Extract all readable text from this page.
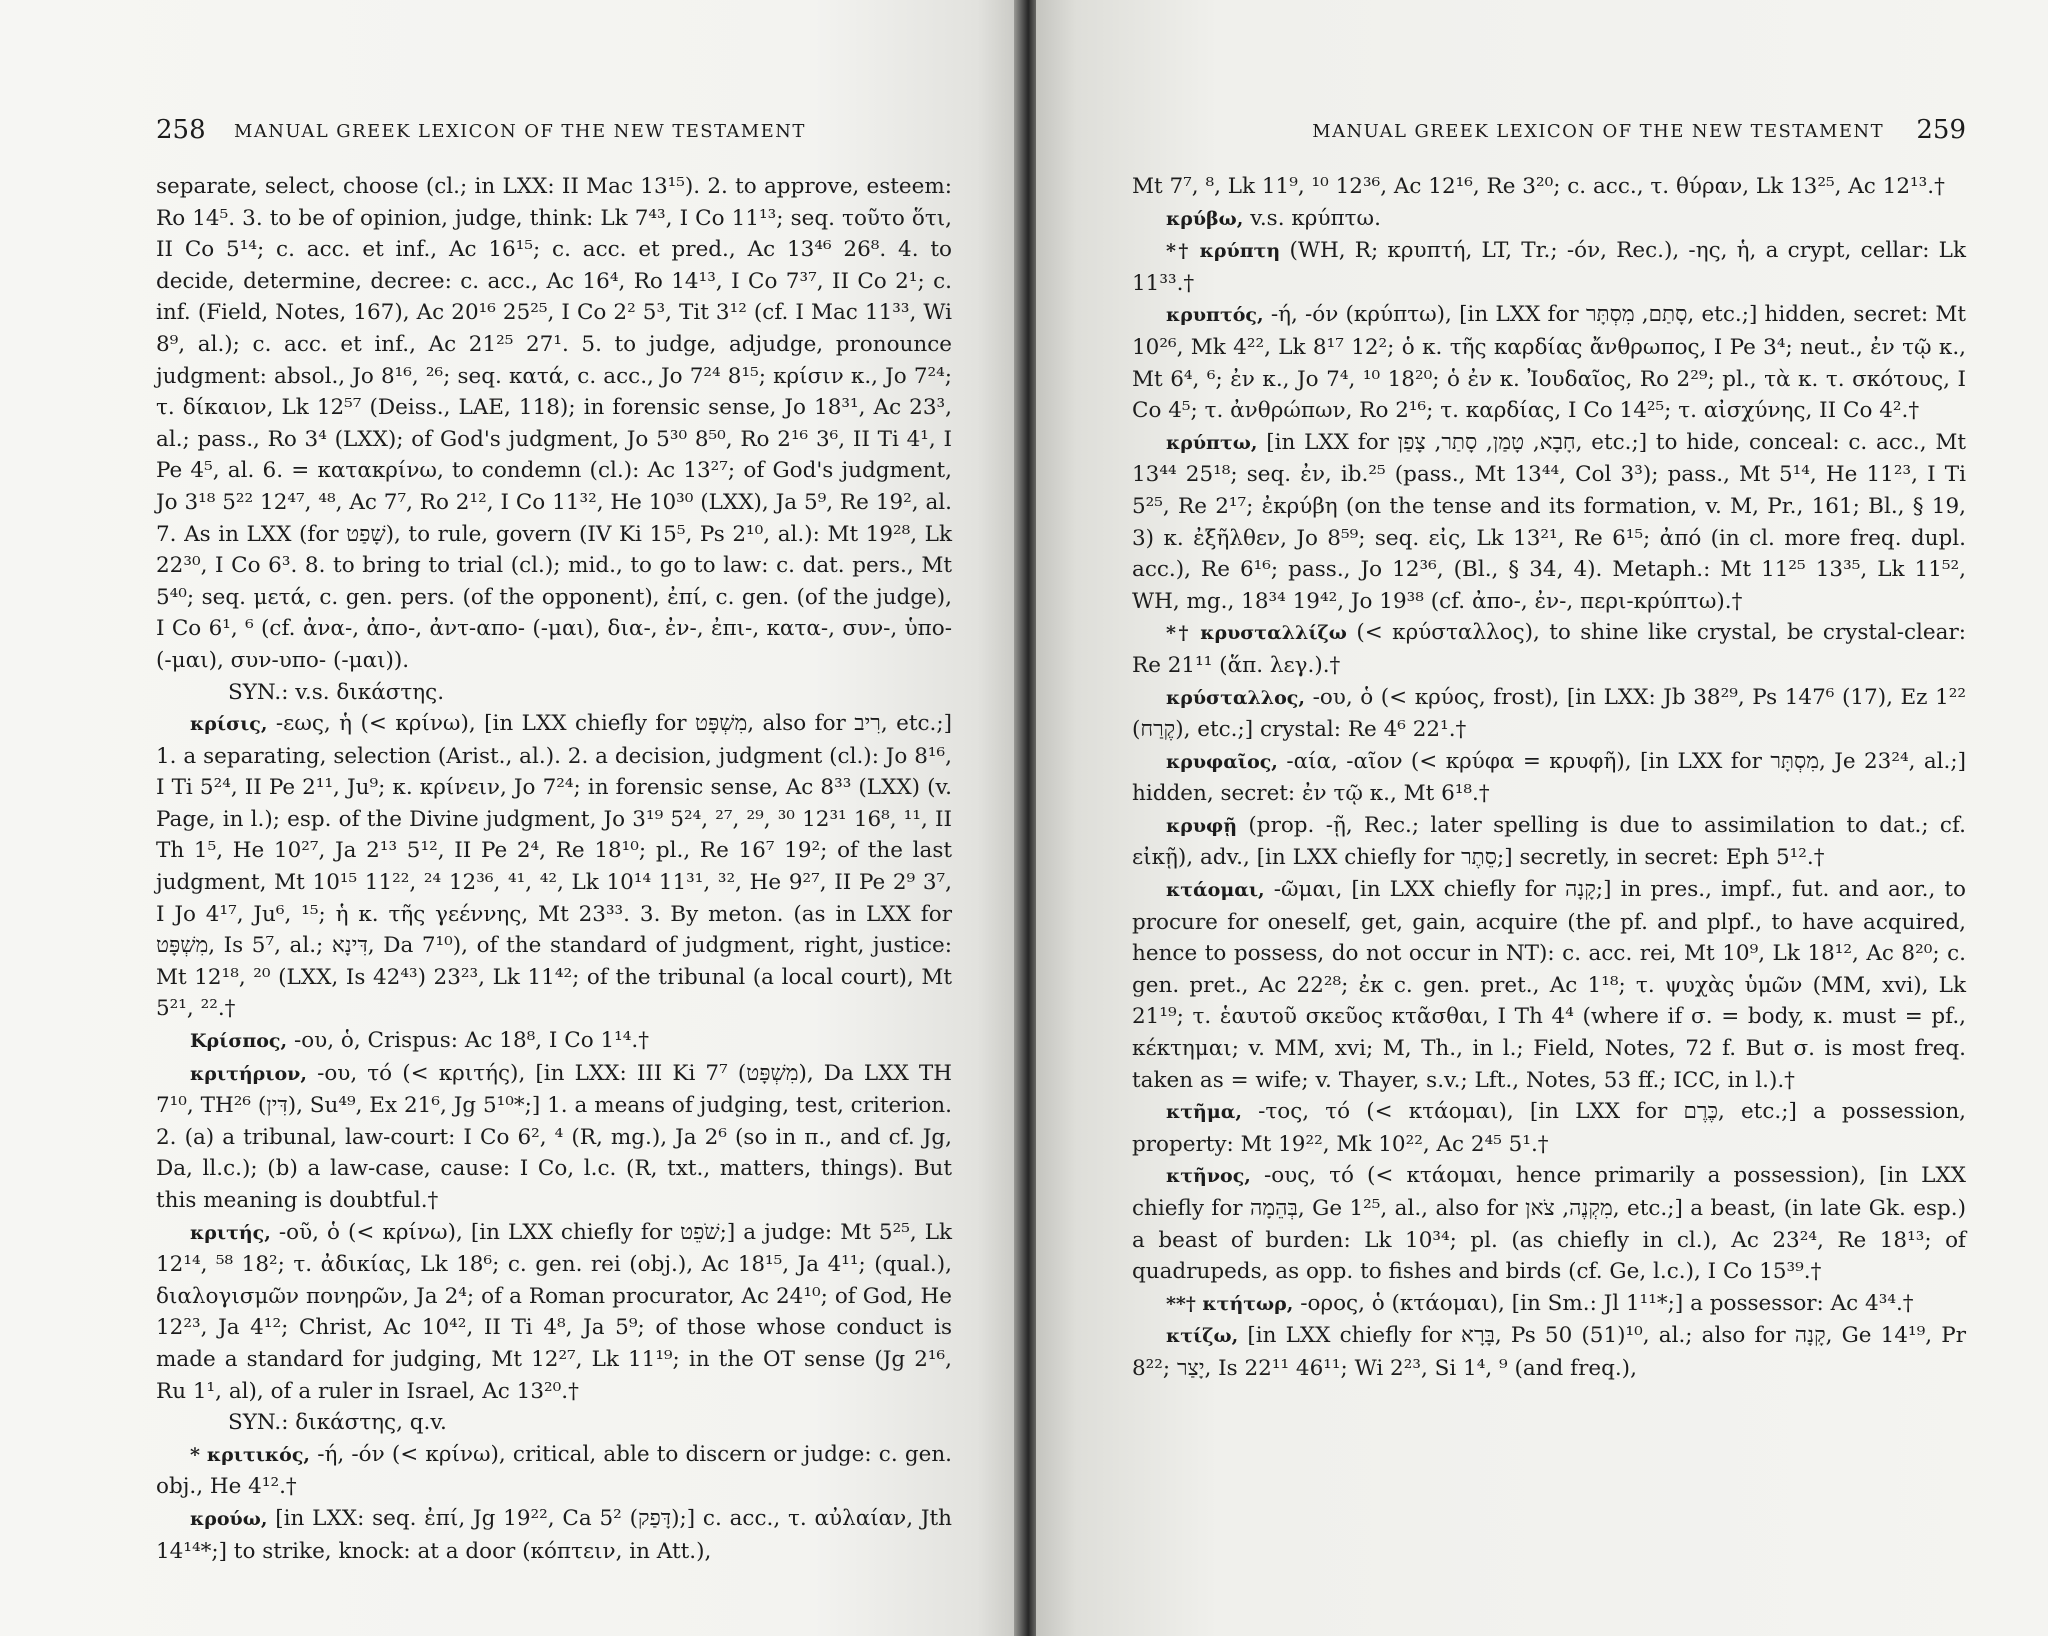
258 MANUAL GREEK LEXICON OF THE NEW TESTAMENT

separate, select, choose (cl.; in LXX: II Mac 13¹⁵). 2. to approve, esteem: Ro 14⁵. 3. to be of opinion, judge, think: Lk 7⁴³, I Co 11¹³; seq. τοῦτο ὅτι, II Co 5¹⁴; c. acc. et inf., Ac 16¹⁵; c. acc. et pred., Ac 13⁴⁶ 26⁸. 4. to decide, determine, decree: c. acc., Ac 16⁴, Ro 14¹³, I Co 7³⁷, II Co 2¹; c. inf. (Field, Notes, 167), Ac 20¹⁶ 25²⁵, I Co 2² 5³, Tit 3¹² (cf. I Mac 11³³, Wi 8⁹, al.); c. acc. et inf., Ac 21²⁵ 27¹. 5. to judge, adjudge, pronounce judgment: absol., Jo 8¹⁶, ²⁶; seq. κατά, c. acc., Jo 7²⁴ 8¹⁵; κρίσιν κ., Jo 7²⁴; τ. δίκαιον, Lk 12⁵⁷ (Deiss., LAE, 118); in forensic sense, Jo 18³¹, Ac 23³, al.; pass., Ro 3⁴ (LXX); of God's judgment, Jo 5³⁰ 8⁵⁰, Ro 2¹⁶ 3⁶, II Ti 4¹, I Pe 4⁵, al. 6. = κατακρίνω, to condemn (cl.): Ac 13²⁷; of God's judgment, Jo 3¹⁸ 5²² 12⁴⁷, ⁴⁸, Ac 7⁷, Ro 2¹², I Co 11³², He 10³⁰ (LXX), Ja 5⁹, Re 19², al. 7. As in LXX (for שָׁפַט), to rule, govern (IV Ki 15⁵, Ps 2¹⁰, al.): Mt 19²⁸, Lk 22³⁰, I Co 6³. 8. to bring to trial (cl.); mid., to go to law: c. dat. pers., Mt 5⁴⁰; seq. μετά, c. gen. pers. (of the opponent), ἐπί, c. gen. (of the judge), I Co 6¹, ⁶ (cf. ἀνα-, ἀπο-, ἀντ-απο- (-μαι), δια-, ἐν-, ἐπι-, κατα-, συν-, ὑπο- (-μαι), συν-υπο- (-μαι)).

SYN.: v.s. δικάστης.

κρίσις, -εως, ἡ (< κρίνω), [in LXX chiefly for מִשְׁפָּט, also for רִיב, etc.;] 1. a separating, selection (Arist., al.). 2. a decision, judgment (cl.): Jo 8¹⁶, I Ti 5²⁴, II Pe 2¹¹, Ju⁹; κ. κρίνειν, Jo 7²⁴; in forensic sense, Ac 8³³ (LXX) (v. Page, in l.); esp. of the Divine judgment, Jo 3¹⁹ 5²⁴, ²⁷, ²⁹, ³⁰ 12³¹ 16⁸, ¹¹, II Th 1⁵, He 10²⁷, Ja 2¹³ 5¹², II Pe 2⁴, Re 18¹⁰; pl., Re 16⁷ 19²; of the last judgment, Mt 10¹⁵ 11²², ²⁴ 12³⁶, ⁴¹, ⁴², Lk 10¹⁴ 11³¹, ³², He 9²⁷, II Pe 2⁹ 3⁷, I Jo 4¹⁷, Ju⁶, ¹⁵; ἡ κ. τῆς γεέννης, Mt 23³³. 3. By meton. (as in LXX for מִשְׁפָּט, Is 5⁷, al.; דִּינָא, Da 7¹⁰), of the standard of judgment, right, justice: Mt 12¹⁸, ²⁰ (LXX, Is 42⁴³) 23²³, Lk 11⁴²; of the tribunal (a local court), Mt 5²¹, ²².†

Κρίσπος, -ου, ὁ, Crispus: Ac 18⁸, I Co 1¹⁴.†

κριτήριον, -ου, τό (< κριτής), [in LXX: III Ki 7⁷ (מִשְׁפָּט), Da LXX TH 7¹⁰, TH²⁶ (דִּין), Su⁴⁹, Ex 21⁶, Jg 5¹⁰*;] 1. a means of judging, test, criterion. 2. (a) a tribunal, law-court: I Co 6², ⁴ (R, mg.), Ja 2⁶ (so in π., and cf. Jg, Da, ll.c.); (b) a law-case, cause: I Co, l.c. (R, txt., matters, things). But this meaning is doubtful.†

κριτής, -οῦ, ὁ (< κρίνω), [in LXX chiefly for שֹׁפֵט;] a judge: Mt 5²⁵, Lk 12¹⁴, ⁵⁸ 18²; τ. ἀδικίας, Lk 18⁶; c. gen. rei (obj.), Ac 18¹⁵, Ja 4¹¹; (qual.), διαλογισμῶν πονηρῶν, Ja 2⁴; of a Roman procurator, Ac 24¹⁰; of God, He 12²³, Ja 4¹²; Christ, Ac 10⁴², II Ti 4⁸, Ja 5⁹; of those whose conduct is made a standard for judging, Mt 12²⁷, Lk 11¹⁹; in the OT sense (Jg 2¹⁶, Ru 1¹, al), of a ruler in Israel, Ac 13²⁰.†

SYN.: δικάστης, q.v.

* κριτικός, -ή, -όν (< κρίνω), critical, able to discern or judge: c. gen. obj., He 4¹².†

κρούω, [in LXX: seq. ἐπί, Jg 19²², Ca 5² (דָּפַק);] c. acc., τ. αὐλαίαν, Jth 14¹⁴*;] to strike, knock: at a door (κόπτειν, in Att.),

MANUAL GREEK LEXICON OF THE NEW TESTAMENT 259

Mt 7⁷, ⁸, Lk 11⁹, ¹⁰ 12³⁶, Ac 12¹⁶, Re 3²⁰; c. acc., τ. θύραν, Lk 13²⁵, Ac 12¹³.†

κρύβω, v.s. κρύπτω.

*† κρύπτη (WH, R; κρυπτή, LT, Tr.; -όν, Rec.), -ης, ἡ, a crypt, cellar: Lk 11³³.†

κρυπτός, -ή, -όν (κρύπτω), [in LXX for סָתַם, מִסְתָּר, etc.;] hidden, secret: Mt 10²⁶, Mk 4²², Lk 8¹⁷ 12²; ὁ κ. τῆς καρδίας ἄνθρωπος, I Pe 3⁴; neut., ἐν τῷ κ., Mt 6⁴, ⁶; ἐν κ., Jo 7⁴, ¹⁰ 18²⁰; ὁ ἐν κ. Ἰουδαῖος, Ro 2²⁹; pl., τὰ κ. τ. σκότους, I Co 4⁵; τ. ἀνθρώπων, Ro 2¹⁶; τ. καρδίας, I Co 14²⁵; τ. αἰσχύνης, II Co 4².†

κρύπτω, [in LXX for חָבָא, טָמַן, סָתַר, צָפַן, etc.;] to hide, conceal: c. acc., Mt 13⁴⁴ 25¹⁸; seq. ἐν, ib.²⁵ (pass., Mt 13⁴⁴, Col 3³); pass., Mt 5¹⁴, He 11²³, I Ti 5²⁵, Re 2¹⁷; ἐκρύβη (on the tense and its formation, v. M, Pr., 161; Bl., § 19, 3) κ. ἐξῆλθεν, Jo 8⁵⁹; seq. εἰς, Lk 13²¹, Re 6¹⁵; ἀπό (in cl. more freq. dupl. acc.), Re 6¹⁶; pass., Jo 12³⁶, (Bl., § 34, 4). Metaph.: Mt 11²⁵ 13³⁵, Lk 11⁵², WH, mg., 18³⁴ 19⁴², Jo 19³⁸ (cf. ἀπο-, ἐν-, περι-κρύπτω).†

*† κρυσταλλίζω (< κρύσταλλος), to shine like crystal, be crystal-clear: Re 21¹¹ (ἅπ. λεγ.).†

κρύσταλλος, -ου, ὁ (< κρύος, frost), [in LXX: Jb 38²⁹, Ps 147⁶ (17), Ez 1²² (קֶרַח), etc.;] crystal: Re 4⁶ 22¹.†

κρυφαῖος, -αία, -αῖον (< κρύφα = κρυφῆ), [in LXX for מִסְתָּר, Je 23²⁴, al.;] hidden, secret: ἐν τῷ κ., Mt 6¹⁸.†

κρυφῇ (prop. -ῇ, Rec.; later spelling is due to assimilation to dat.; cf. εἰκῇ), adv., [in LXX chiefly for סֵתֶר;] secretly, in secret: Eph 5¹².†

κτάομαι, -ῶμαι, [in LXX chiefly for קָנָה;] in pres., impf., fut. and aor., to procure for oneself, get, gain, acquire (the pf. and plpf., to have acquired, hence to possess, do not occur in NT): c. acc. rei, Mt 10⁹, Lk 18¹², Ac 8²⁰; c. gen. pret., Ac 22²⁸; ἐκ c. gen. pret., Ac 1¹⁸; τ. ψυχὰς ὑμῶν (MM, xvi), Lk 21¹⁹; τ. ἑαυτοῦ σκεῦος κτᾶσθαι, I Th 4⁴ (where if σ. = body, κ. must = pf., κέκτημαι; v. MM, xvi; M, Th., in l.; Field, Notes, 72 f. But σ. is most freq. taken as = wife; v. Thayer, s.v.; Lft., Notes, 53 ff.; ICC, in l.).†

κτῆμα, -τος, τό (< κτάομαι), [in LXX for כֶּרֶם, etc.;] a possession, property: Mt 19²², Mk 10²², Ac 2⁴⁵ 5¹.†

κτῆνος, -ους, τό (< κτάομαι, hence primarily a possession), [in LXX chiefly for בְּהֵמָה, Ge 1²⁵, al., also for מִקְנֶה, צֹאן, etc.;] a beast, (in late Gk. esp.) a beast of burden: Lk 10³⁴; pl. (as chiefly in cl.), Ac 23²⁴, Re 18¹³; of quadrupeds, as opp. to fishes and birds (cf. Ge, l.c.), I Co 15³⁹.†

**† κτήτωρ, -ορος, ὁ (κτάομαι), [in Sm.: Jl 1¹¹*;] a possessor: Ac 4³⁴.†

κτίζω, [in LXX chiefly for בָּרָא, Ps 50 (51)¹⁰, al.; also for קָנָה, Ge 14¹⁹, Pr 8²²; יָצַר, Is 22¹¹ 46¹¹; Wi 2²³, Si 1⁴, ⁹ (and freq.),
